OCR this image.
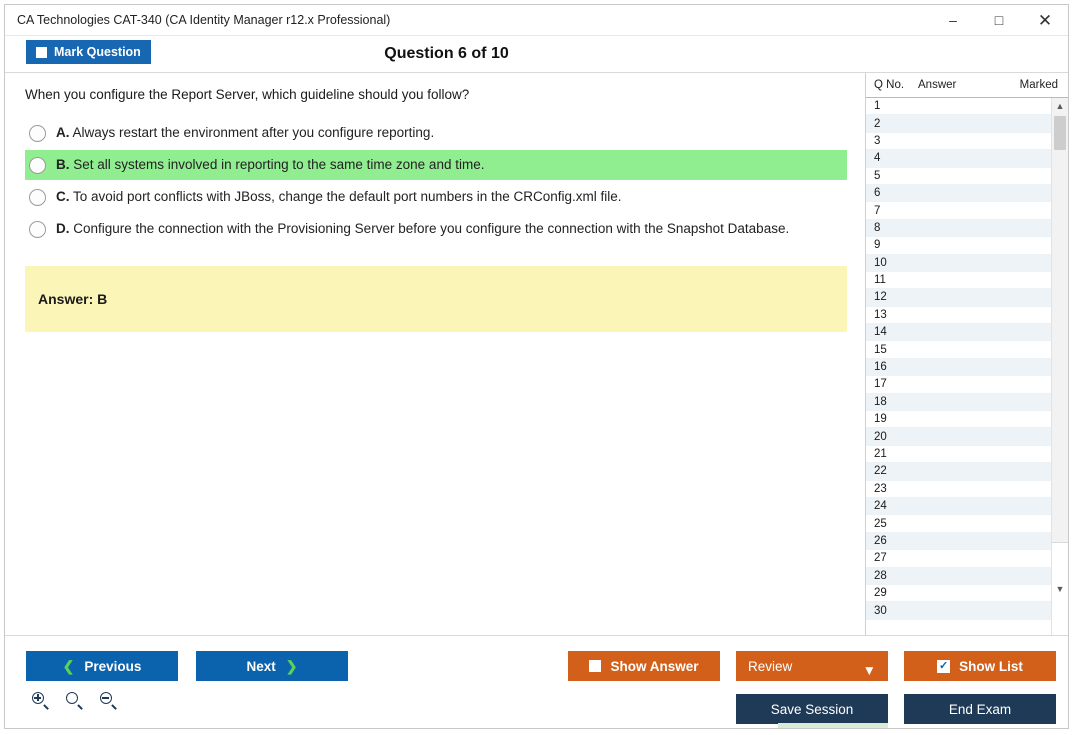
CA Technologies CAT-340 (CA Identity Manager r12.x Professional)	–	□	✕
Mark Question	Question 6 of 10
When you configure the Report Server, which guideline should you follow?
A. Always restart the environment after you configure reporting.
B. Set all systems involved in reporting to the same time zone and time.
C. To avoid port conflicts with JBoss, change the default port numbers in the CRConfig.xml file.
D. Configure the connection with the Provisioning Server before you configure the connection with the Snapshot Database.
Answer: B
Q No.	Answer	Marked
1
2
3
4
5
6
7
8
9
10
11
12
13
14
15
16
17
18
19
20
21
22
23
24
25
26
27
28
29
30
▲
▼
❮ Previous	Next ❯	Show Answer	Review	▼	✓ Show List
Save Session	End Exam
